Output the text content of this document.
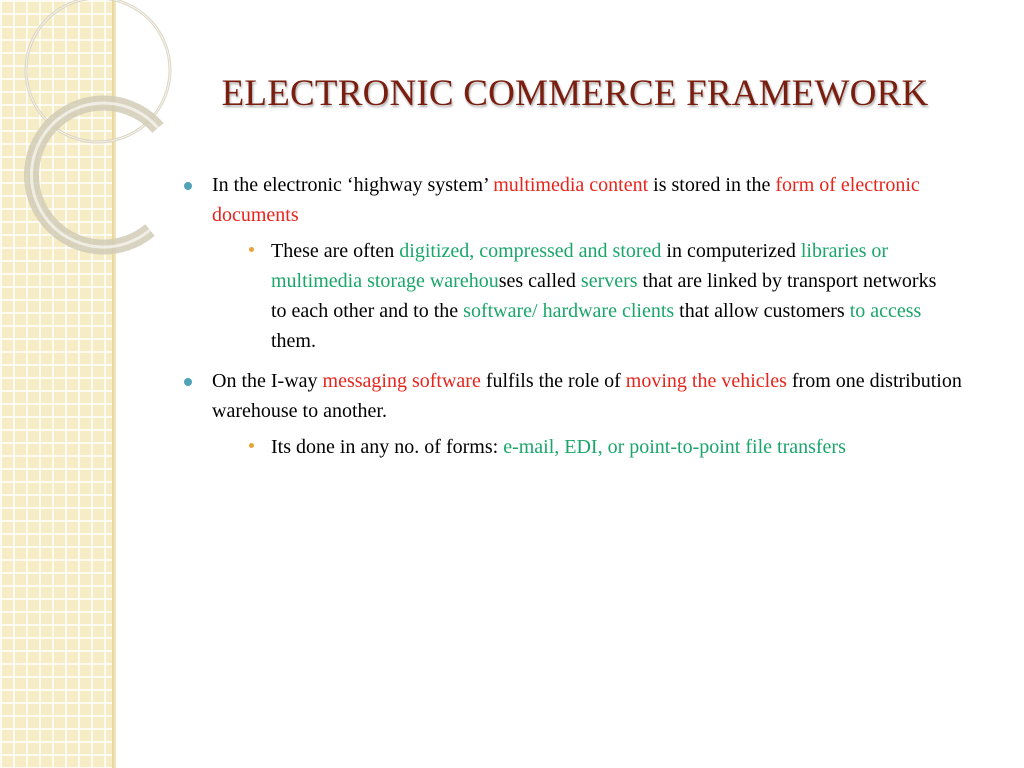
ELECTRONIC COMMERCE FRAMEWORK
In the electronic ‘highway system’ multimedia content is stored in the form of electronic documents
These are often digitized, compressed and stored in computerized libraries or multimedia storage warehouses called servers that are linked by transport networks to each other and to the software/ hardware clients that allow customers to access them.
On the I-way messaging software fulfils the role of moving the vehicles from one distribution warehouse to another.
Its done in any no. of forms: e-mail, EDI, or point-to-point file transfers
